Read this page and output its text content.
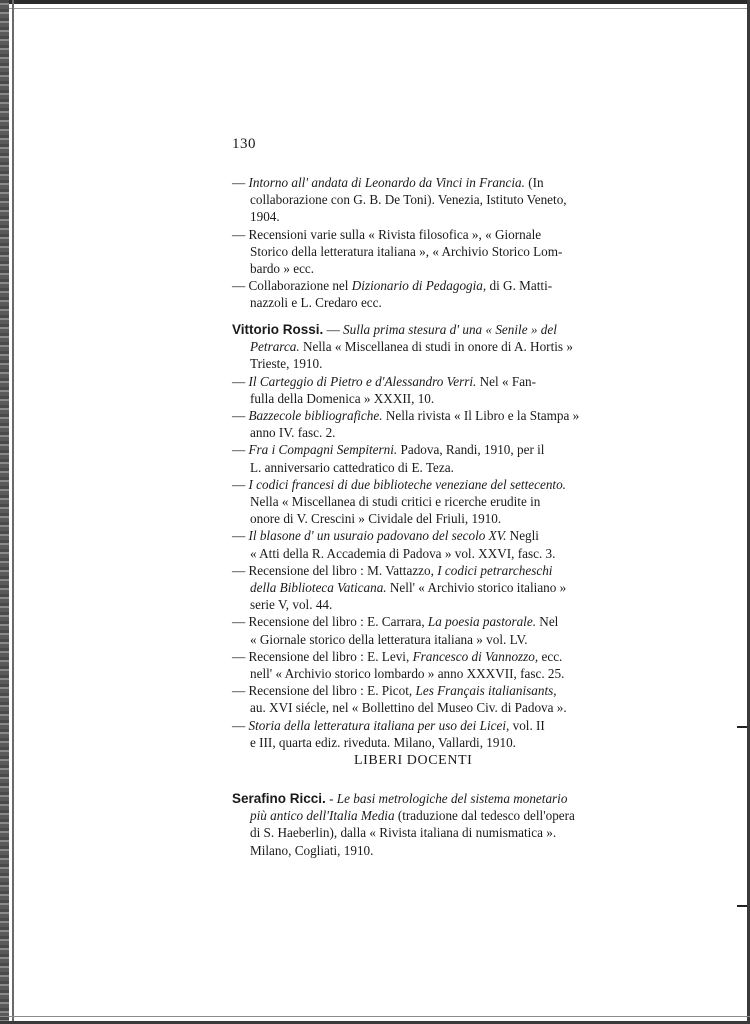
130
— Intorno all' andata di Leonardo da Vinci in Francia. (In
collaborazione con G. B. De Toni). Venezia, Istituto Veneto,
1904.
— Recensioni varie sulla « Rivista filosofica », « Giornale
Storico della letteratura italiana », « Archivio Storico Lom-
bardo » ecc.
— Collaborazione nel Dizionario di Pedagogia, di G. Matti-
nazzoli e L. Credaro ecc.
Vittorio Rossi. — Sulla prima stesura d' una « Senile » del
Petrarca. Nella « Miscellanea di studi in onore di A. Hortis »
Trieste, 1910.
— Il Carteggio di Pietro e d'Alessandro Verri. Nel « Fan-
fulla della Domenica » XXXII, 10.
— Bazzecole bibliografiche. Nella rivista « Il Libro e la Stampa »
anno IV. fasc. 2.
— Fra i Compagni Sempiterni. Padova, Randi, 1910, per il
L. anniversario cattedratico di E. Teza.
— I codici francesi di due biblioteche veneziane del settecento.
Nella « Miscellanea di studi critici e ricerche erudite in
onore di V. Crescini » Cividale del Friuli, 1910.
— Il blasone d' un usuraio padovano del secolo XV. Negli
« Atti della R. Accademia di Padova » vol. XXVI, fasc. 3.
— Recensione del libro : M. Vattazzo, I codici petrarcheschi
della Biblioteca Vaticana. Nell' « Archivio storico italiano »
serie V, vol. 44.
— Recensione del libro : E. Carrara, La poesia pastorale. Nel
« Giornale storico della letteratura italiana » vol. LV.
— Recensione del libro : E. Levi, Francesco di Vannozzo, ecc.
nell' « Archivio storico lombardo » anno XXXVII, fasc. 25.
— Recensione del libro : E. Picot, Les Français italianisants,
au. XVI siécle, nel « Bollettino del Museo Civ. di Padova ».
— Storia della letteratura italiana per uso dei Licei, vol. II
e III, quarta ediz. riveduta. Milano, Vallardi, 1910.
LIBERI DOCENTI
Serafino Ricci. - Le basi metrologiche del sistema monetario
più antico dell'Italia Media (traduzione dal tedesco dell'opera
di S. Haeberlin), dalla « Rivista italiana di numismatica ».
Milano, Cogliati, 1910.
